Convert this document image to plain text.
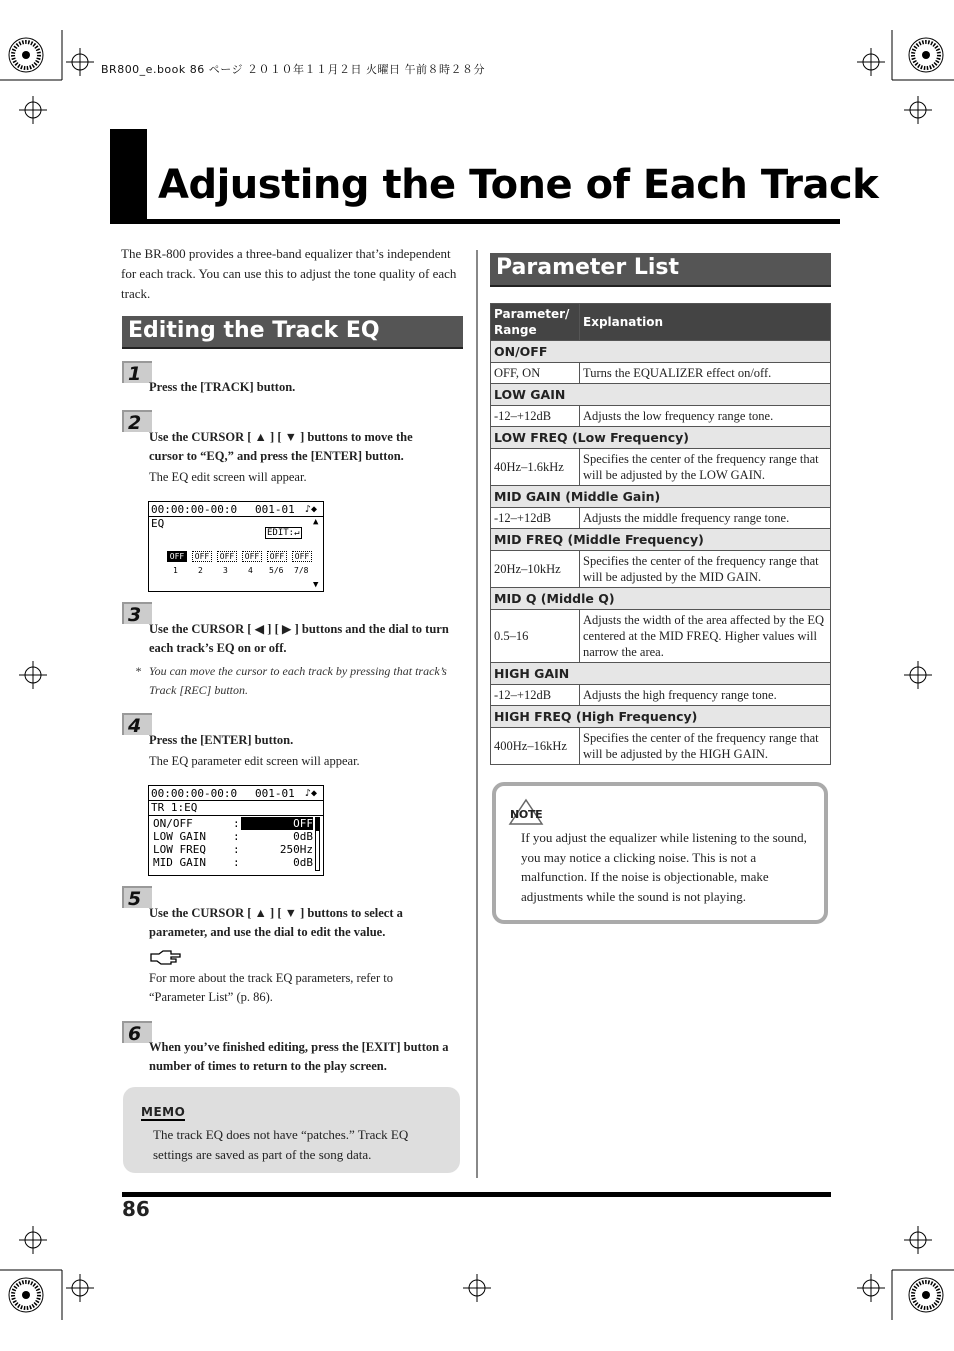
BR800_e.book 86 ページ ２０１０年１１月２日 火曜日 午前８時２８分
Adjusting the Tone of Each Track
The BR-800 provides a three-band equalizer that’s independent for each track. You can use this to adjust the tone quality of each track.
Editing the Track EQ
1
Press the [TRACK] button.
2
Use the CURSOR [ ▲ ] [ ▼ ] buttons to move the cursor to “EQ,” and press the [ENTER] button.
The EQ edit screen will appear.
00:00:00-00:0 001-01 ♪◆
EQ	▲
EDIT:↵
OFF	OFF	OFF	OFF	OFF	OFF
1	2	3	4 5/6 7/8
▼
3
Use the CURSOR [ ◀ ] [ ▶ ] buttons and the dial to turn each track’s EQ on or off.
* You can move the cursor to each track by pressing that track’s Track [REC] button.
4
Press the [ENTER] button.
The EQ parameter edit screen will appear.
00:00:00-00:0 001-01 ♪◆
TR 1:EQ
ON/OFF	:	OFF
LOW GAIN :	0dB
LOW FREQ :	250Hz
MID GAIN :	0dB
5
Use the CURSOR [ ▲ ] [ ▼ ] buttons to select a parameter, and use the dial to edit the value.
For more about the track EQ parameters, refer to “Parameter List” (p. 86).
6
When you’ve finished editing, press the [EXIT] button a number of times to return to the play screen.
MEMO
The track EQ does not have “patches.” Track EQ settings are saved as part of the song data.
Parameter List
Parameter/ Range	Explanation
ON/OFF	
OFF, ON	Turns the EQUALIZER effect on/off.
LOW GAIN	
-12–+12dB	Adjusts the low frequency range tone.
LOW FREQ (Low Frequency)	
40Hz–1.6kHz	Specifies the center of the frequency range that will be adjusted by the LOW GAIN.
MID GAIN (Middle Gain)	
-12–+12dB	Adjusts the middle frequency range tone.
MID FREQ (Middle Frequency)	
20Hz–10kHz	Specifies the center of the frequency range that will be adjusted by the MID GAIN.
MID Q (Middle Q)	
0.5–16	Adjusts the width of the area affected by the EQ centered at the MID FREQ. Higher values will narrow the area.
HIGH GAIN	
-12–+12dB	Adjusts the high frequency range tone.
HIGH FREQ (High Frequency)	
400Hz–16kHz	Specifies the center of the frequency range that will be adjusted by the HIGH GAIN.
NOTE
If you adjust the equalizer while listening to the sound, you may notice a clicking noise. This is not a malfunction. If the noise is objectionable, make adjustments while the sound is not playing.
86
